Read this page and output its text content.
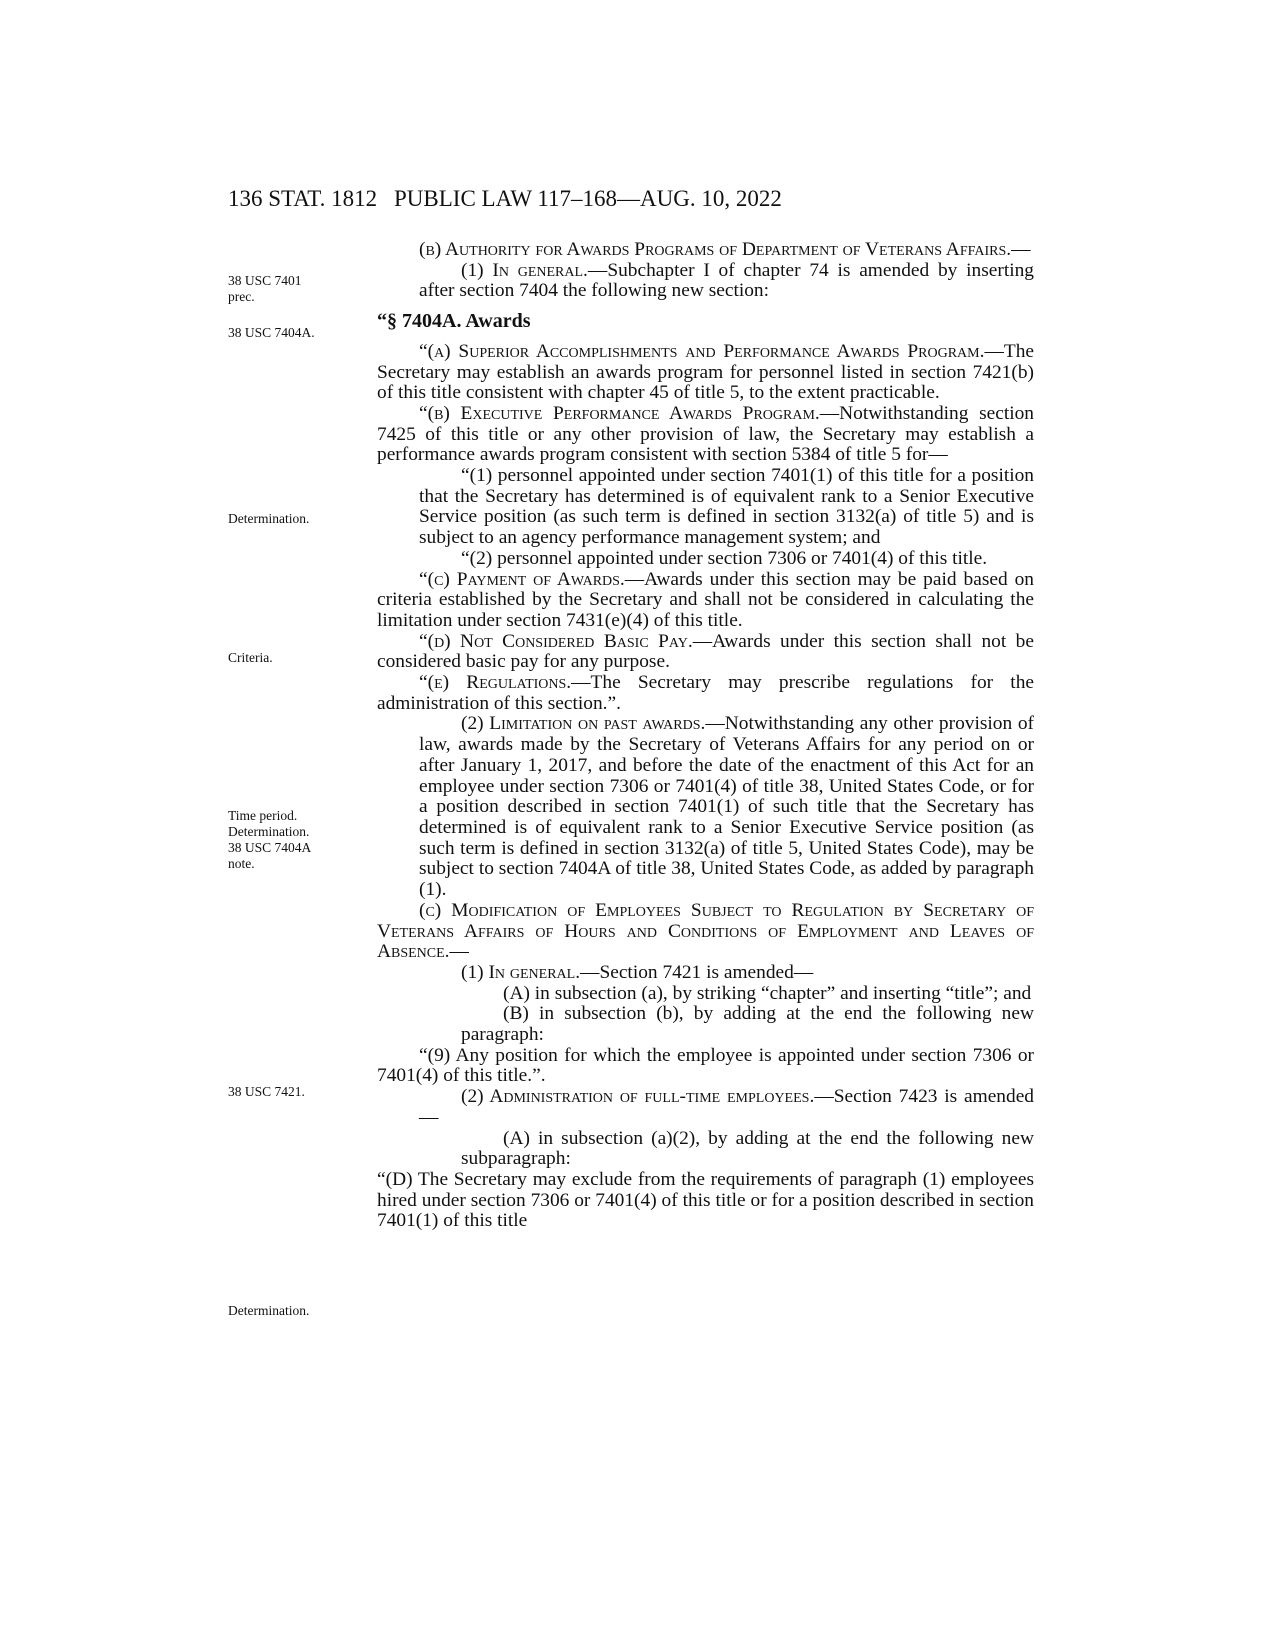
136 STAT. 1812 PUBLIC LAW 117–168—AUG. 10, 2022
38 USC 7401
prec.
38 USC 7404A.
Determination.
Criteria.
Time period.
Determination.
38 USC 7404A
note.
38 USC 7421.
Determination.

(b) Authority for Awards Programs of Department of Veterans Affairs.—

(1) In general.—Subchapter I of chapter 74 is amended by inserting after section 7404 the following new section:

“§ 7404A. Awards

“(a) Superior Accomplishments and Performance Awards Program.—The Secretary may establish an awards program for personnel listed in section 7421(b) of this title consistent with chapter 45 of title 5, to the extent practicable.

“(b) Executive Performance Awards Program.—Notwithstanding section 7425 of this title or any other provision of law, the Secretary may establish a performance awards program consistent with section 5384 of title 5 for—

“(1) personnel appointed under section 7401(1) of this title for a position that the Secretary has determined is of equivalent rank to a Senior Executive Service position (as such term is defined in section 3132(a) of title 5) and is subject to an agency performance management system; and

“(2) personnel appointed under section 7306 or 7401(4) of this title.

“(c) Payment of Awards.—Awards under this section may be paid based on criteria established by the Secretary and shall not be considered in calculating the limitation under section 7431(e)(4) of this title.

“(d) Not Considered Basic Pay.—Awards under this section shall not be considered basic pay for any purpose.

“(e) Regulations.—The Secretary may prescribe regulations for the administration of this section.”.

(2) Limitation on past awards.—Notwithstanding any other provision of law, awards made by the Secretary of Veterans Affairs for any period on or after January 1, 2017, and before the date of the enactment of this Act for an employee under section 7306 or 7401(4) of title 38, United States Code, or for a position described in section 7401(1) of such title that the Secretary has determined is of equivalent rank to a Senior Executive Service position (as such term is defined in section 3132(a) of title 5, United States Code), may be subject to section 7404A of title 38, United States Code, as added by paragraph (1).

(c) Modification of Employees Subject to Regulation by Secretary of Veterans Affairs of Hours and Conditions of Employment and Leaves of Absence.—

(1) In general.—Section 7421 is amended—

(A) in subsection (a), by striking “chapter” and inserting “title”; and

(B) in subsection (b), by adding at the end the following new paragraph:

“(9) Any position for which the employee is appointed under section 7306 or 7401(4) of this title.”.

(2) Administration of full-time employees.—Section 7423 is amended—

(A) in subsection (a)(2), by adding at the end the following new subparagraph:

“(D) The Secretary may exclude from the requirements of paragraph (1) employees hired under section 7306 or 7401(4) of this title or for a position described in section 7401(1) of this title
